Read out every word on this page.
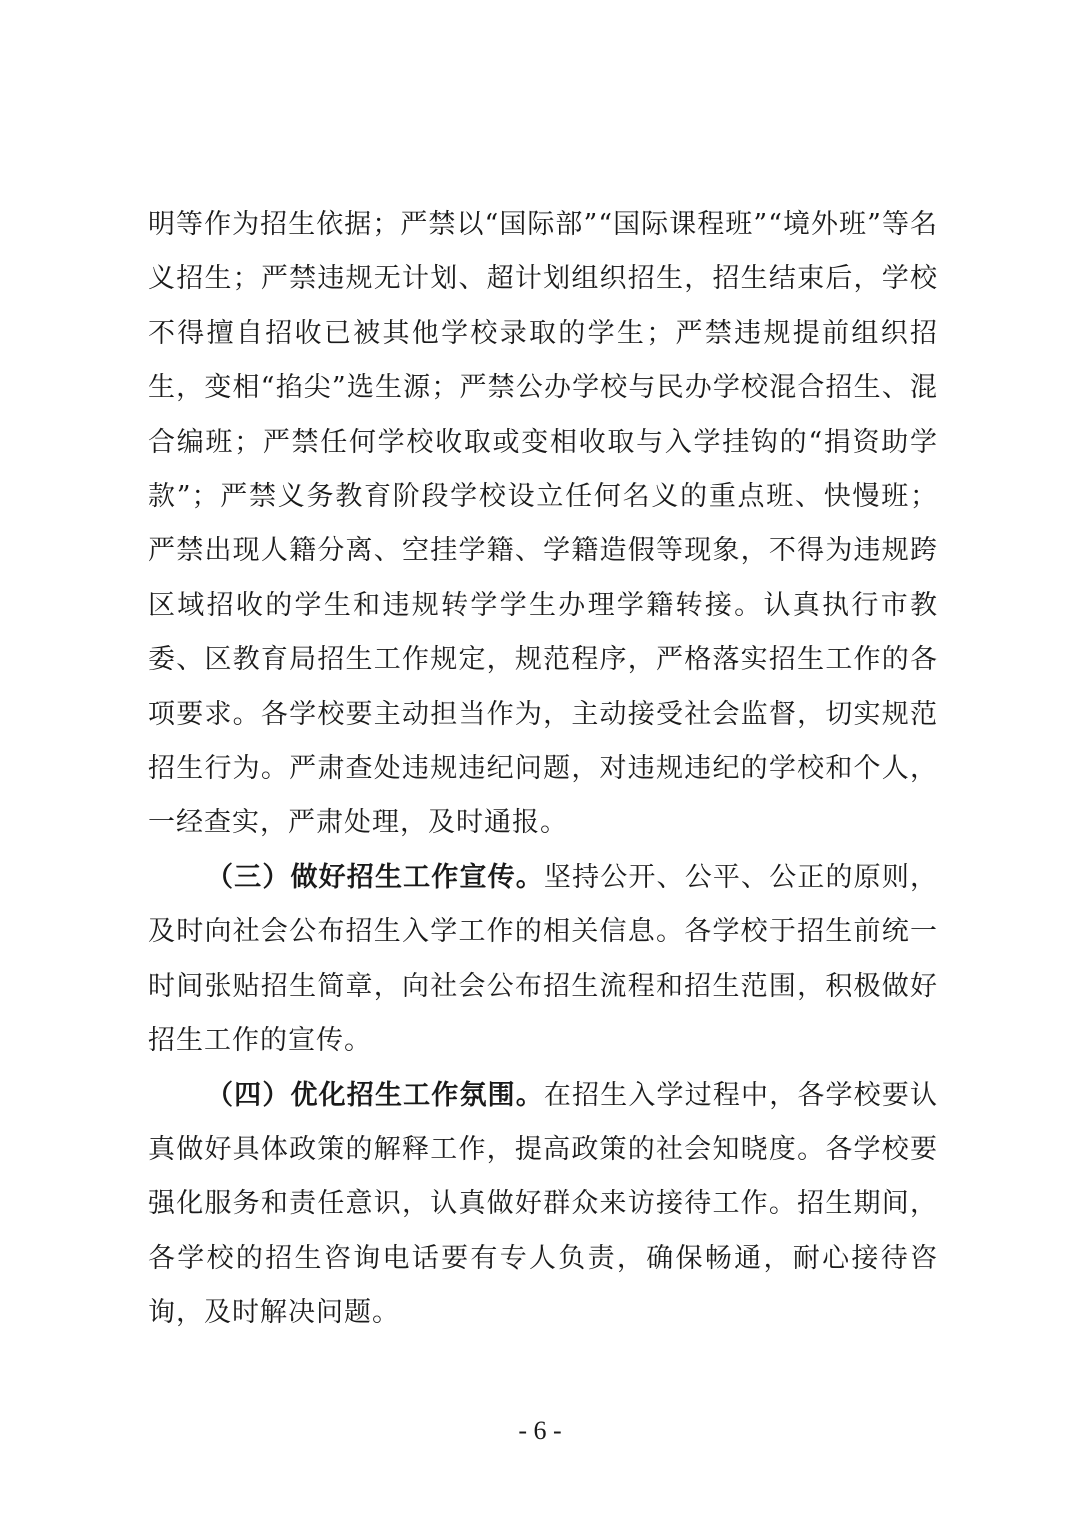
明等作为招生依据；严禁以“国际部”“国际课程班”“境外班”等名义招生；严禁违规无计划、超计划组织招生，招生结束后，学校不得擅自招收已被其他学校录取的学生；严禁违规提前组织招生，变相“掐尖”选生源；严禁公办学校与民办学校混合招生、混合编班；严禁任何学校收取或变相收取与入学挂钩的“捐资助学款”；严禁义务教育阶段学校设立任何名义的重点班、快慢班；严禁出现人籍分离、空挂学籍、学籍造假等现象，不得为违规跨区域招收的学生和违规转学学生办理学籍转接。认真执行市教委、区教育局招生工作规定，规范程序，严格落实招生工作的各项要求。各学校要主动担当作为，主动接受社会监督，切实规范招生行为。严肃查处违规违纪问题，对违规违纪的学校和个人，一经查实，严肃处理，及时通报。

（三）做好招生工作宣传。坚持公开、公平、公正的原则，及时向社会公布招生入学工作的相关信息。各学校于招生前统一时间张贴招生简章，向社会公布招生流程和招生范围，积极做好招生工作的宣传。

（四）优化招生工作氛围。在招生入学过程中，各学校要认真做好具体政策的解释工作，提高政策的社会知晓度。各学校要强化服务和责任意识，认真做好群众来访接待工作。招生期间，各学校的招生咨询电话要有专人负责，确保畅通，耐心接待咨询，及时解决问题。

- 6 -
